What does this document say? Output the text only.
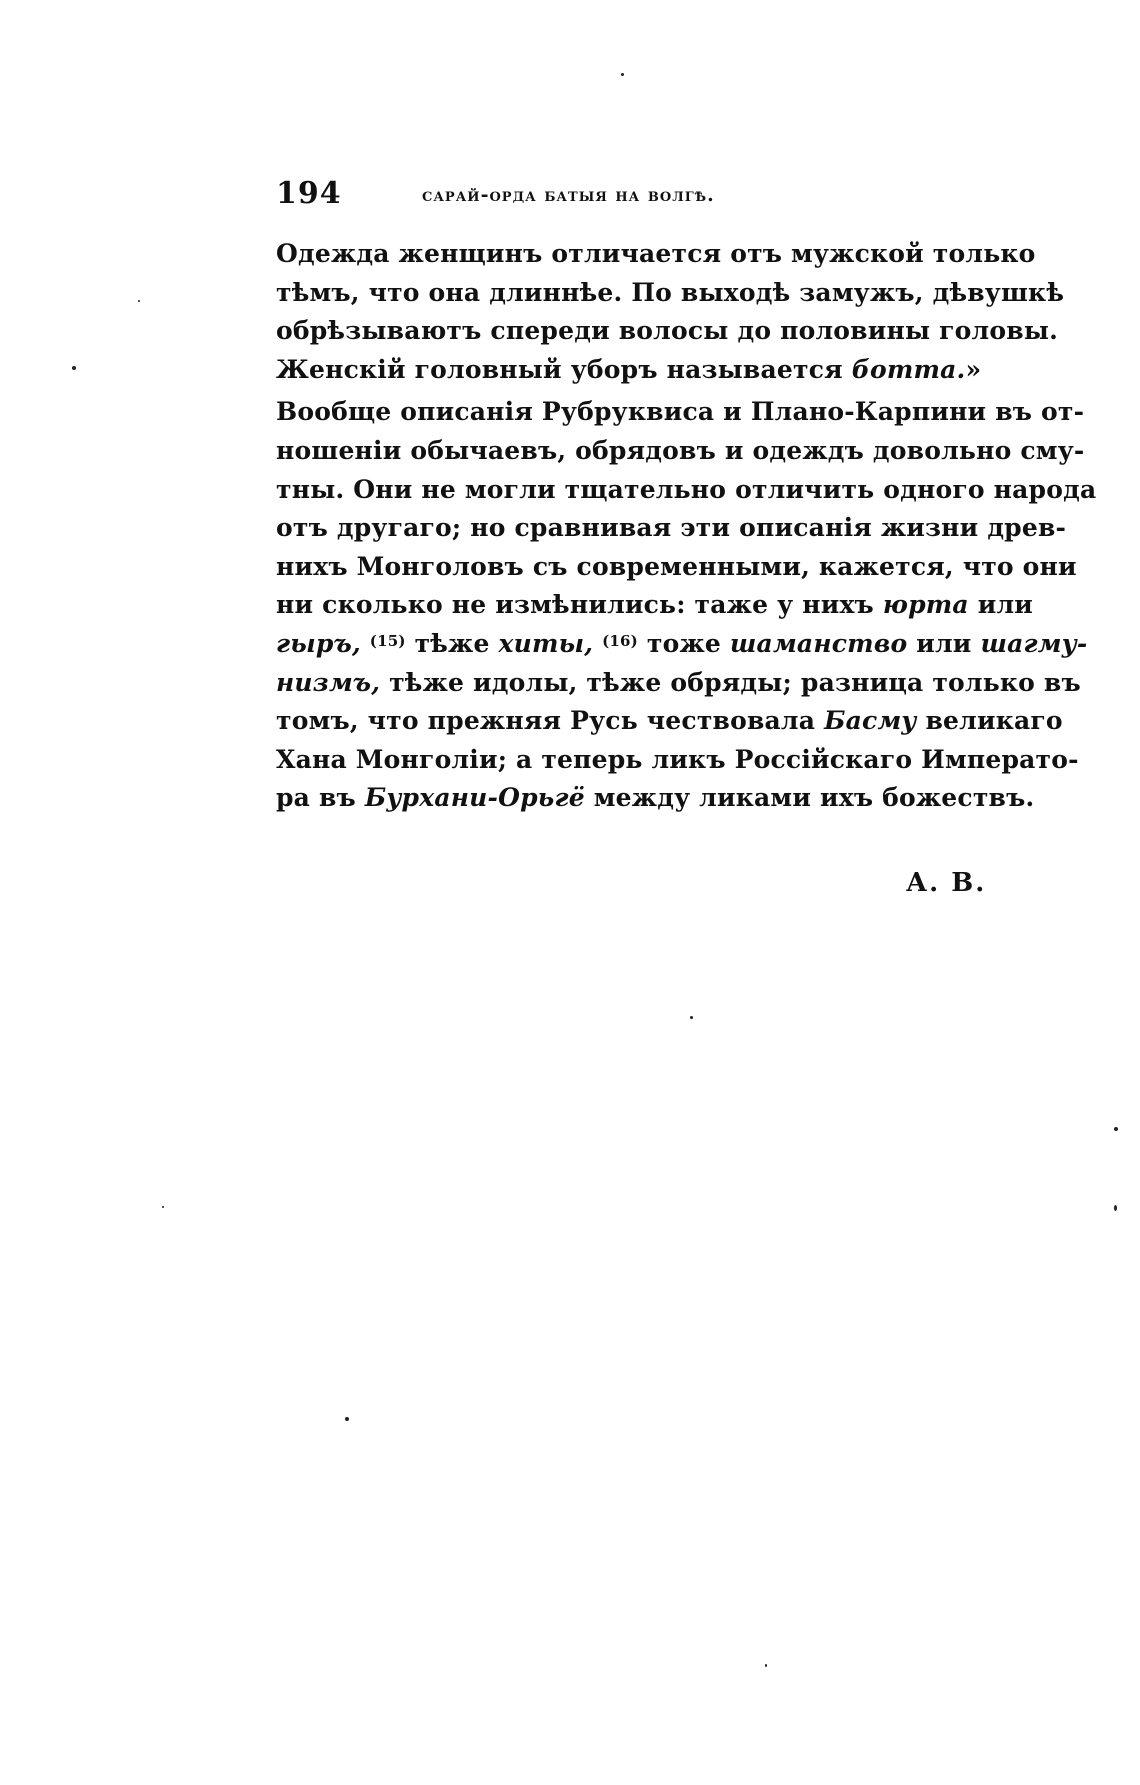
194	сарай-орда батыя на волгѣ.
Одежда женщинъ отличается отъ мужской только
тѣмъ, что она длиннѣе. По выходѣ замужъ, дѣвушкѣ
обрѣзываютъ спереди волосы до половины головы.
Женскій головный уборъ называется ботта.»
Вообще описанія Рубруквиса и Плано-Карпини въ от-
ношеніи обычаевъ, обрядовъ и одеждъ довольно сму-
тны. Они не могли тщательно отличить одного народа
отъ другаго; но сравнивая эти описанія жизни древ-
нихъ Монголовъ съ современными, кажется, что они
ни сколько не измѣнились: таже у нихъ юрта или
гыръ, $^{(15)}$ тѣже хиты, $^{(16)}$ тоже шаманство или шагму-
низмъ, тѣже идолы, тѣже обряды; разница только въ
томъ, что прежняя Русь чествовала Басму великаго
Хана Монголіи; а теперь ликъ Россійскаго Императо-
ра въ Бурхани-Орьгё между ликами ихъ божествъ.
А. В.
